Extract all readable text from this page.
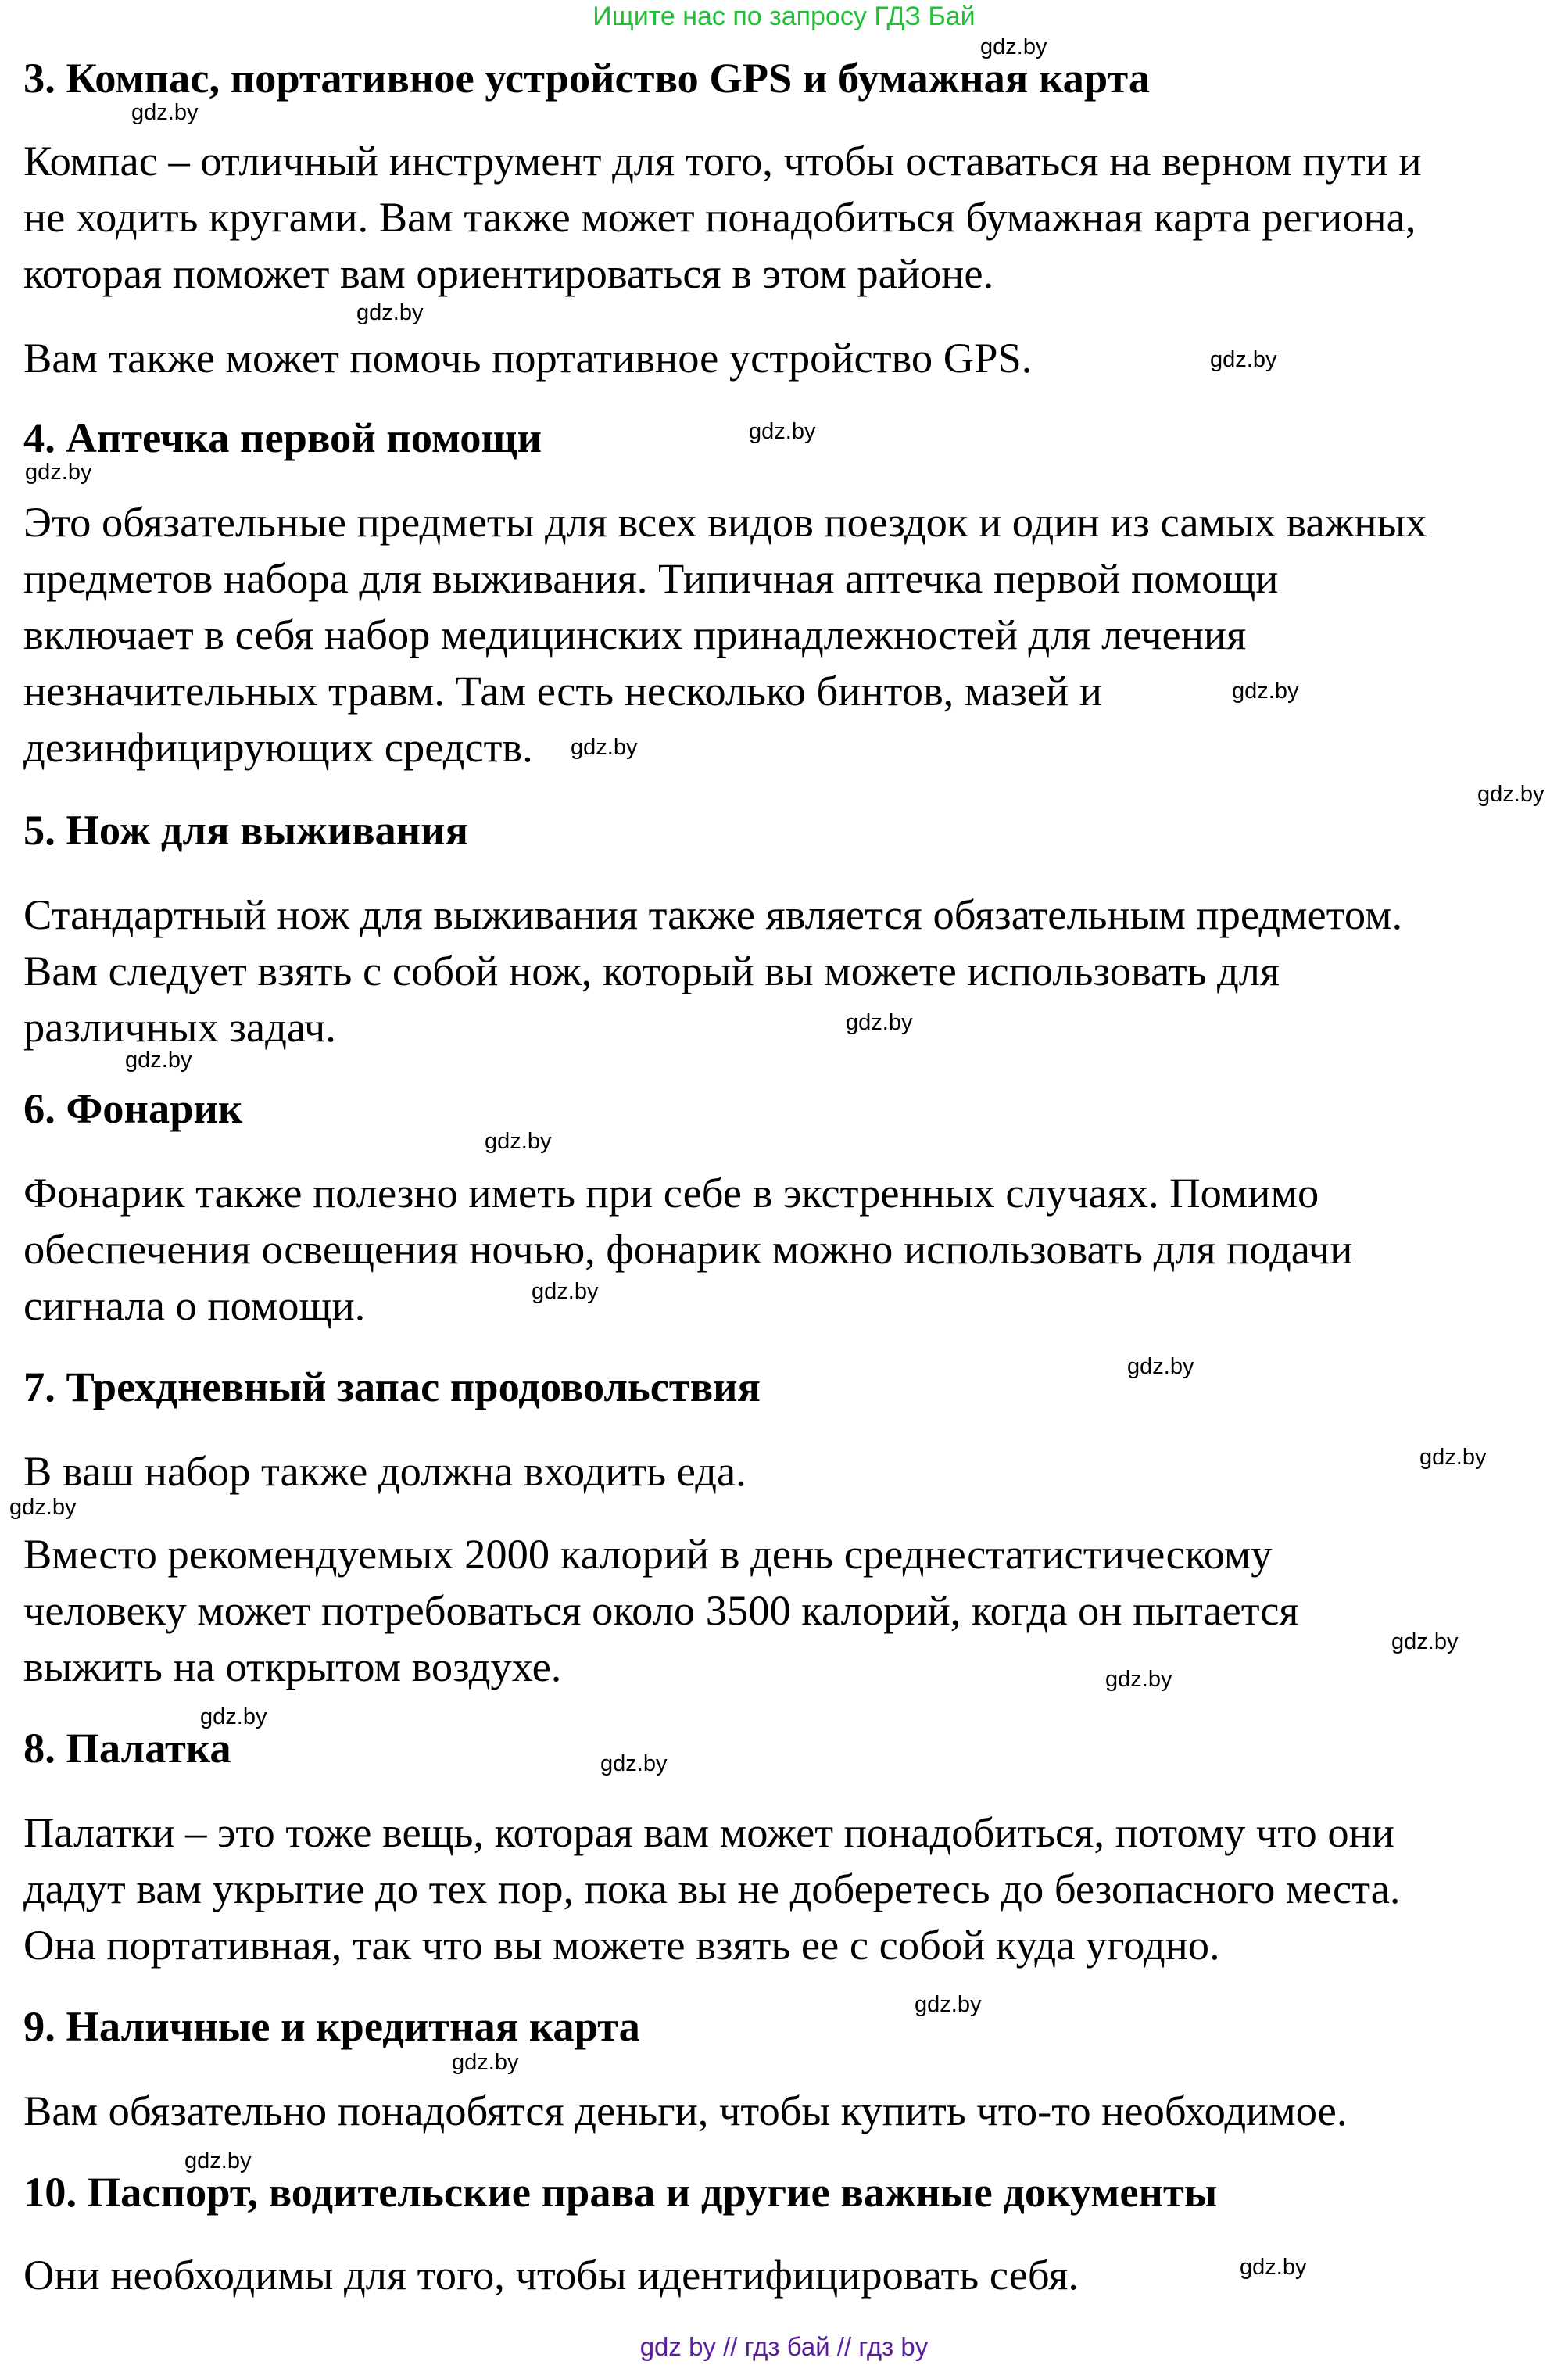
Ищите нас по запросу ГДЗ Бай
3. Компас, портативное устройство GPS и бумажная карта

Компас – отличный инструмент для того, чтобы оставаться на верном пути и
не ходить кругами. Вам также может понадобиться бумажная карта региона,
которая поможет вам ориентироваться в этом районе.

Вам также может помочь портативное устройство GPS.

4. Аптечка первой помощи

Это обязательные предметы для всех видов поездок и один из самых важных
предметов набора для выживания. Типичная аптечка первой помощи
включает в себя набор медицинских принадлежностей для лечения
незначительных травм. Там есть несколько бинтов, мазей и
дезинфицирующих средств.

5. Нож для выживания

Стандартный нож для выживания также является обязательным предметом.
Вам следует взять с собой нож, который вы можете использовать для
различных задач.

6. Фонарик

Фонарик также полезно иметь при себе в экстренных случаях. Помимо
обеспечения освещения ночью, фонарик можно использовать для подачи
сигнала о помощи.

7. Трехдневный запас продовольствия

В ваш набор также должна входить еда.

Вместо рекомендуемых 2000 калорий в день среднестатистическому
человеку может потребоваться около 3500 калорий, когда он пытается
выжить на открытом воздухе.

8. Палатка

Палатки – это тоже вещь, которая вам может понадобиться, потому что они
дадут вам укрытие до тех пор, пока вы не доберетесь до безопасного места.
Она портативная, так что вы можете взять ее с собой куда угодно.

9. Наличные и кредитная карта

Вам обязательно понадобятся деньги, чтобы купить что-то необходимое.

10. Паспорт, водительские права и другие важные документы

Они необходимы для того, чтобы идентифицировать себя.

gdz.by
gdz.by
gdz.by
gdz.by
gdz.by
gdz.by
gdz.by
gdz.by
gdz.by
gdz.by
gdz.by
gdz.by
gdz.by
gdz.by
gdz.by
gdz.by
gdz.by
gdz.by
gdz.by
gdz.by
gdz.by
gdz.by
gdz.by
gdz.by
gdz by // гдз бай // гдз by
